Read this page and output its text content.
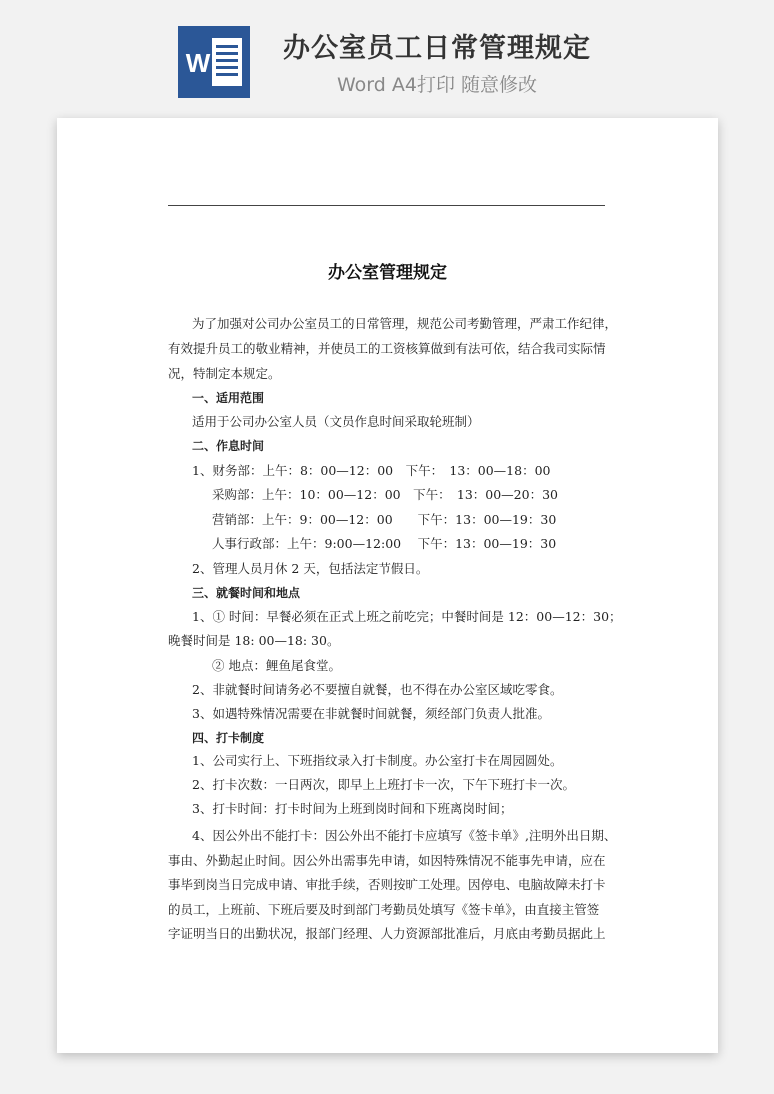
W	办公室员工日常管理规定
Word A4打印 随意修改
办公室管理规定
为了加强对公司办公室员工的日常管理，规范公司考勤管理，严肃工作纪律，
有效提升员工的敬业精神，并使员工的工资核算做到有法可依，结合我司实际情
况，特制定本规定。
一、适用范围
适用于公司办公室人员（文员作息时间采取轮班制）
二、作息时间
1、财务部：上午：8：00—12：00　下午：　13：00—18：00
采购部：上午：10：00—12：00　下午：　13：00—20：30
营销部：上午：9：00—12：00　　下午：13：00—19：30
人事行政部：上午：9:00—12:00　 下午：13：00—19：30
2、管理人员月休 2 天，包括法定节假日。
三、就餐时间和地点
1、① 时间：早餐必须在正式上班之前吃完；中餐时间是 12：00—12：30；
晚餐时间是 18: 00—18: 30。
② 地点：鲤鱼尾食堂。
2、非就餐时间请务必不要擅自就餐，也不得在办公室区域吃零食。
3、如遇特殊情况需要在非就餐时间就餐，须经部门负责人批准。
四、打卡制度
1、公司实行上、下班指纹录入打卡制度。办公室打卡在周园圆处。
2、打卡次数：一日两次，即早上上班打卡一次，下午下班打卡一次。
3、打卡时间：打卡时间为上班到岗时间和下班离岗时间；
4、因公外出不能打卡：因公外出不能打卡应填写《签卡单》,注明外出日期、
事由、外勤起止时间。因公外出需事先申请，如因特殊情况不能事先申请，应在
事毕到岗当日完成申请、审批手续，否则按旷工处理。因停电、电脑故障未打卡
的员工，上班前、下班后要及时到部门考勤员处填写《签卡单》，由直接主管签
字证明当日的出勤状况，报部门经理、人力资源部批准后，月底由考勤员据此上
